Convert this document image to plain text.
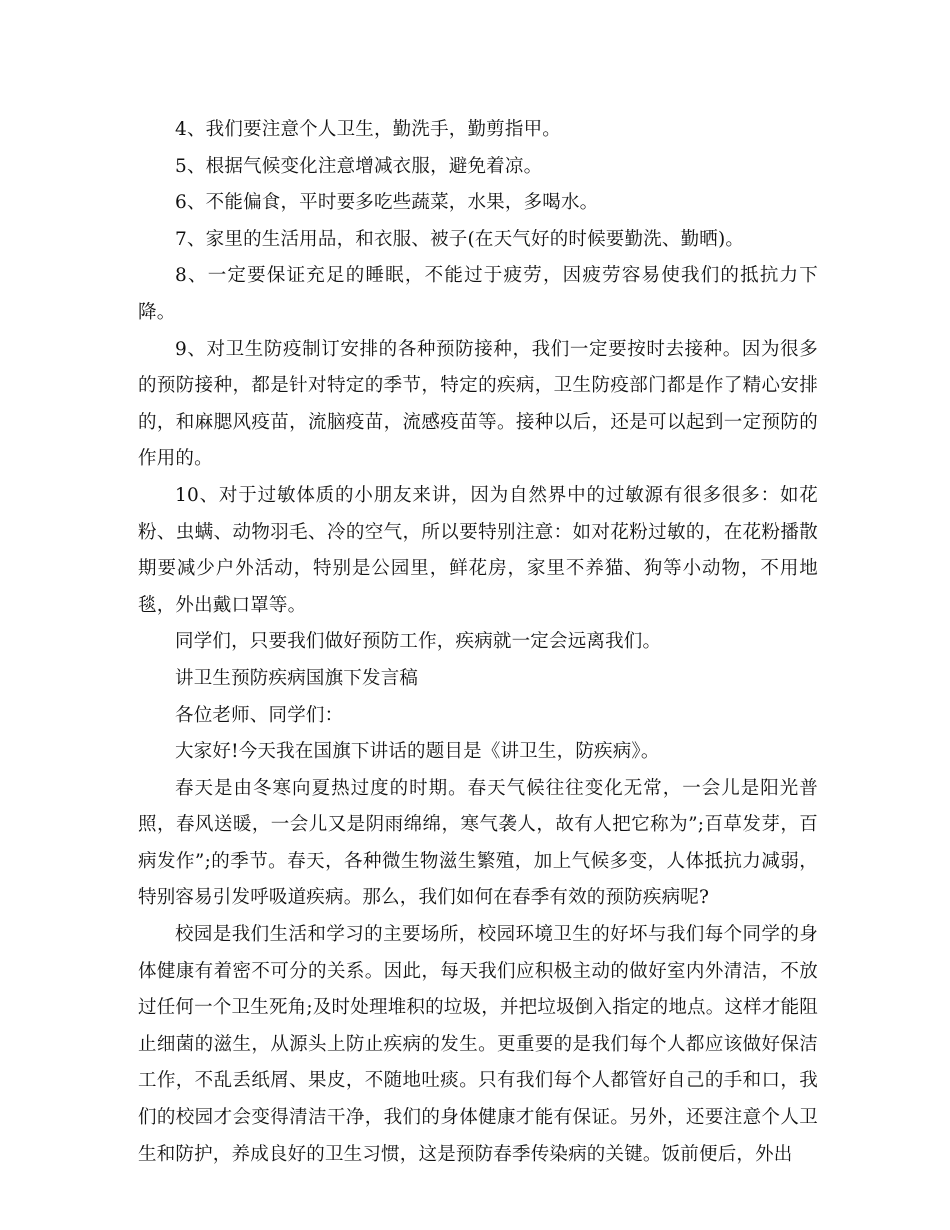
4、我们要注意个人卫生，勤洗手，勤剪指甲。

5、根据气候变化注意增减衣服，避免着凉。

6、不能偏食，平时要多吃些蔬菜，水果，多喝水。

7、家里的生活用品，和衣服、被子(在天气好的时候要勤洗、勤晒)。

8、一定要保证充足的睡眠，不能过于疲劳，因疲劳容易使我们的抵抗力下降。

9、对卫生防疫制订安排的各种预防接种，我们一定要按时去接种。因为很多的预防接种，都是针对特定的季节，特定的疾病，卫生防疫部门都是作了精心安排的，和麻腮风疫苗，流脑疫苗，流感疫苗等。接种以后，还是可以起到一定预防的作用的。

10、对于过敏体质的小朋友来讲，因为自然界中的过敏源有很多很多：如花粉、虫螨、动物羽毛、冷的空气，所以要特别注意：如对花粉过敏的，在花粉播散期要减少户外活动，特别是公园里，鲜花房，家里不养猫、狗等小动物，不用地毯，外出戴口罩等。

同学们，只要我们做好预防工作，疾病就一定会远离我们。

讲卫生预防疾病国旗下发言稿

各位老师、同学们：

大家好!今天我在国旗下讲话的题目是《讲卫生，防疾病》。

春天是由冬寒向夏热过度的时期。春天气候往往变化无常，一会儿是阳光普照，春风送暖，一会儿又是阴雨绵绵，寒气袭人，故有人把它称为”;百草发芽，百病发作”;的季节。春天，各种微生物滋生繁殖，加上气候多变，人体抵抗力减弱，特别容易引发呼吸道疾病。那么，我们如何在春季有效的预防疾病呢?

校园是我们生活和学习的主要场所，校园环境卫生的好坏与我们每个同学的身体健康有着密不可分的关系。因此，每天我们应积极主动的做好室内外清洁，不放过任何一个卫生死角;及时处理堆积的垃圾，并把垃圾倒入指定的地点。这样才能阻止细菌的滋生，从源头上防止疾病的发生。更重要的是我们每个人都应该做好保洁工作，不乱丢纸屑、果皮，不随地吐痰。只有我们每个人都管好自己的手和口，我们的校园才会变得清洁干净，我们的身体健康才能有保证。另外，还要注意个人卫生和防护，养成良好的卫生习惯，这是预防春季传染病的关键。饭前便后，外出
